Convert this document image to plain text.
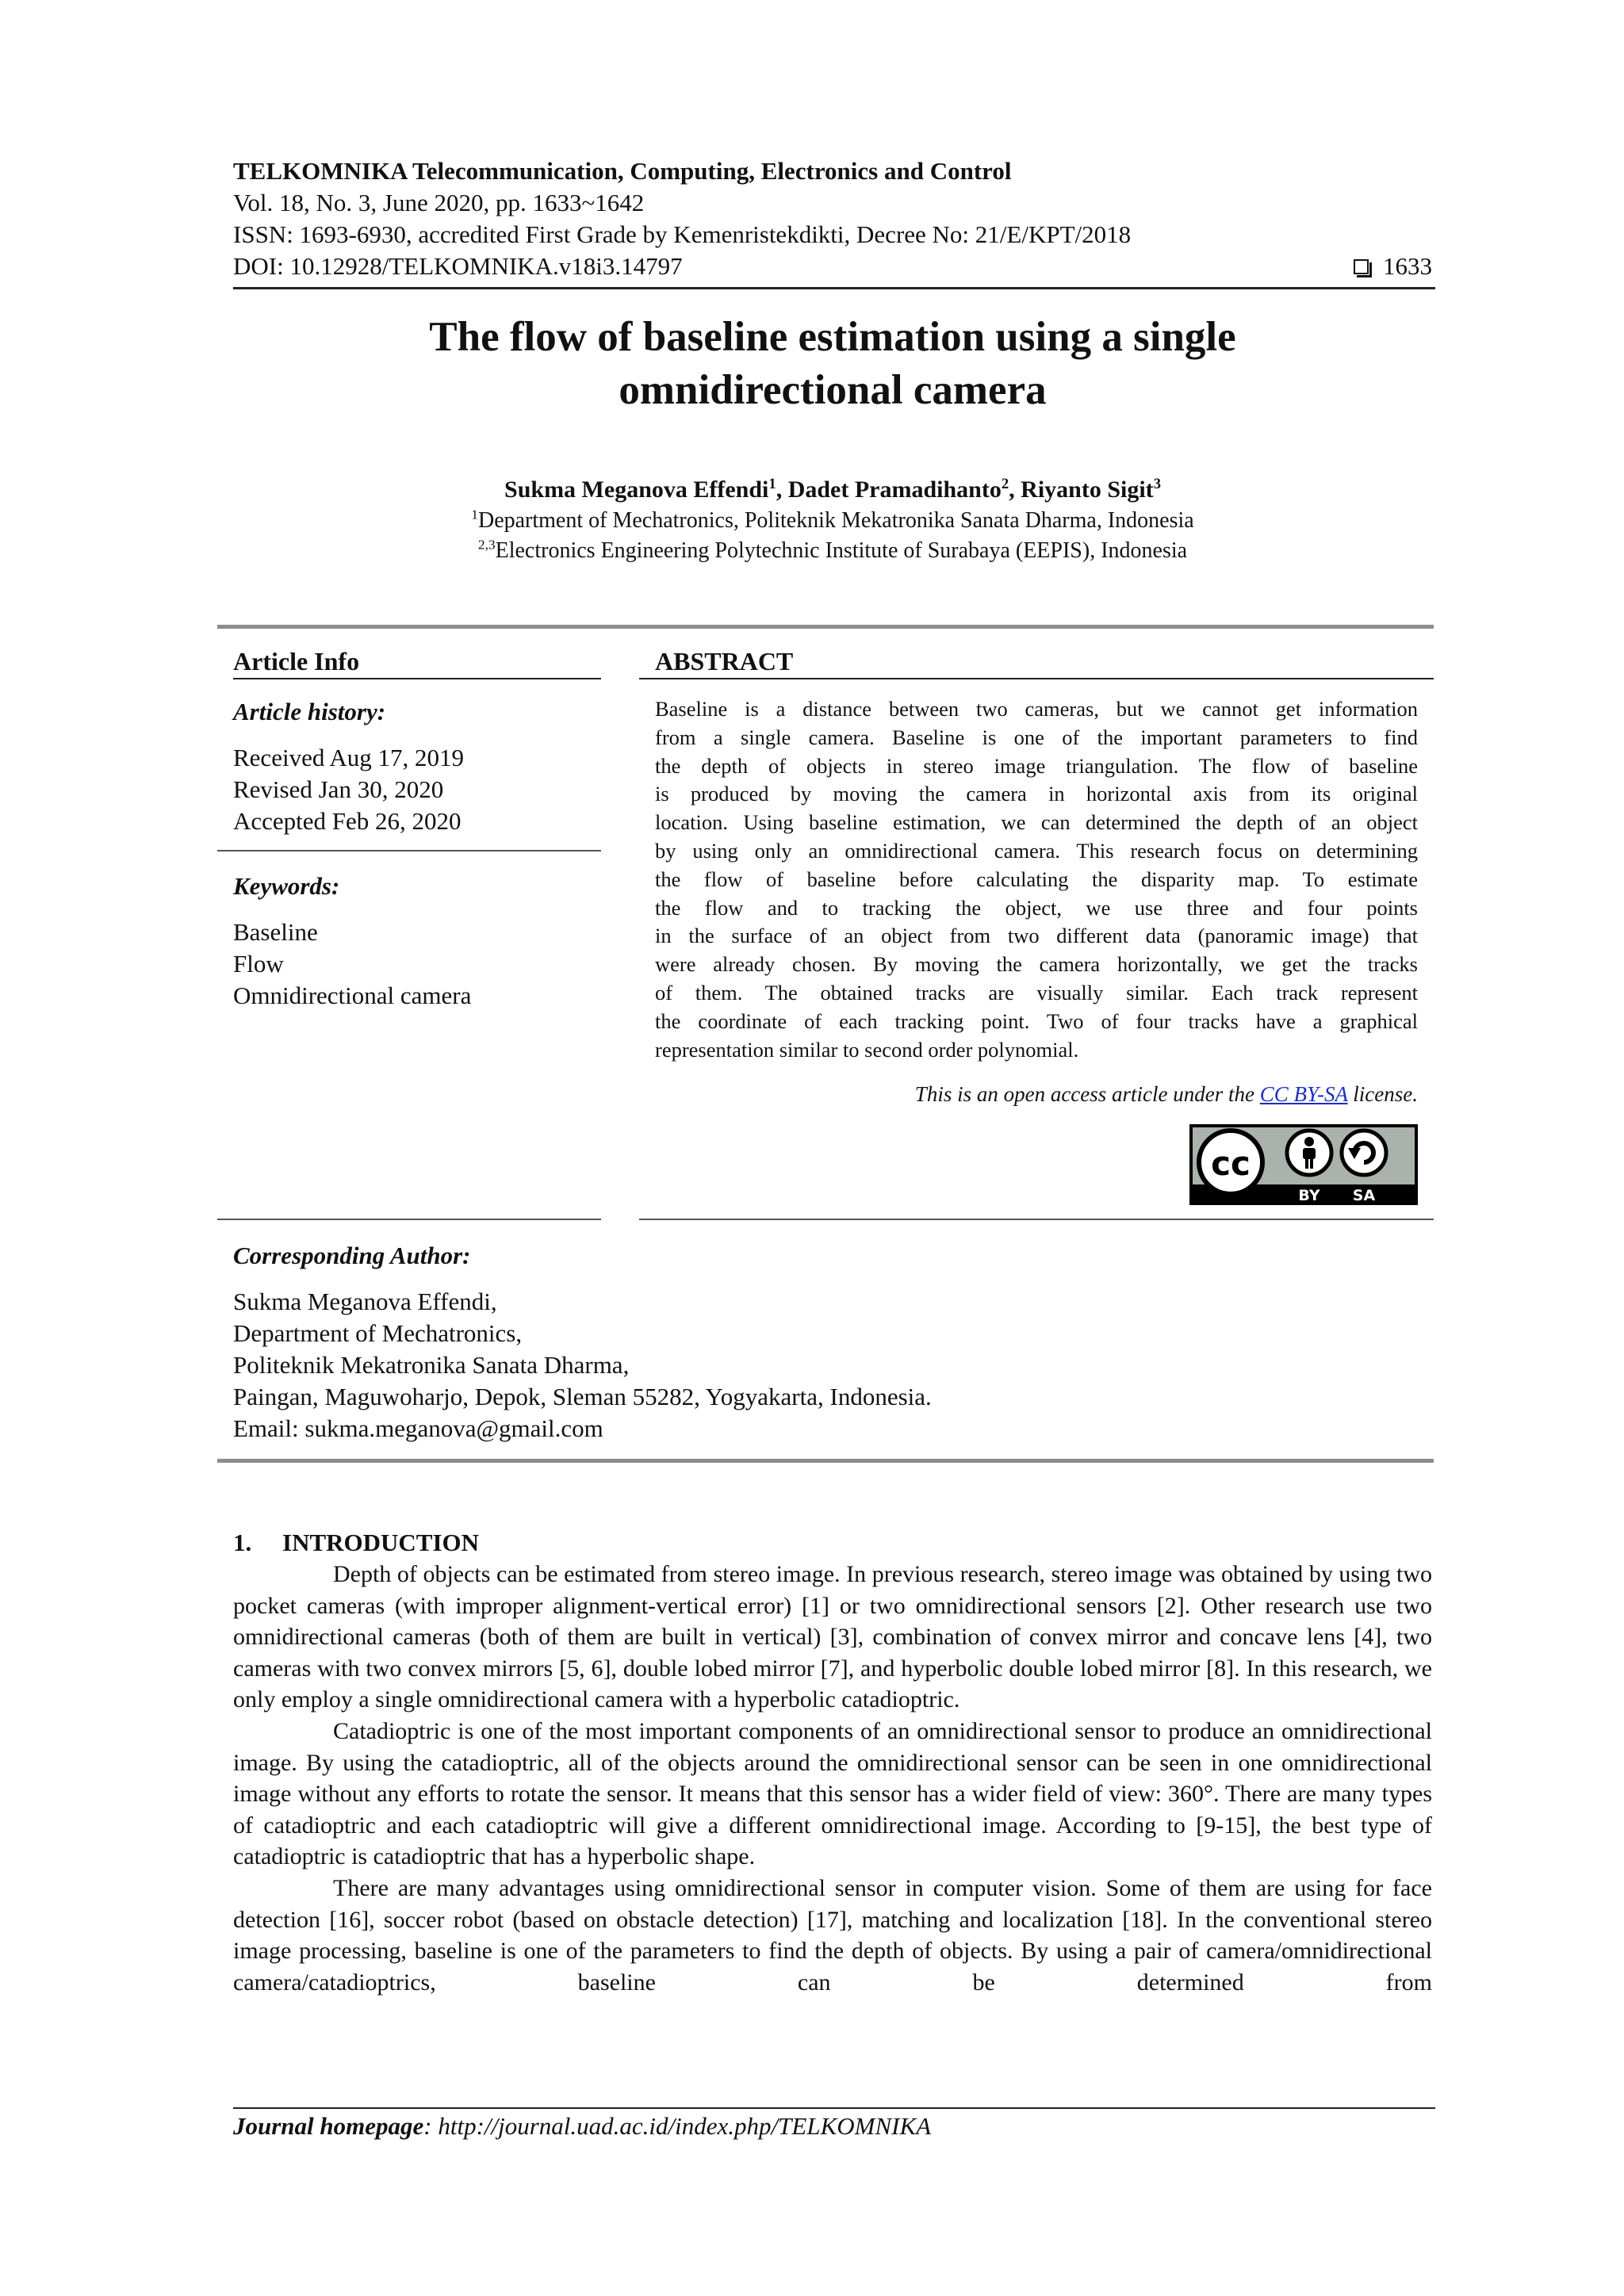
TELKOMNIKA Telecommunication, Computing, Electronics and Control
Vol. 18, No. 3, June 2020, pp. 1633~1642
ISSN: 1693-6930, accredited First Grade by Kemenristekdikti, Decree No: 21/E/KPT/2018
DOI: 10.12928/TELKOMNIKA.v18i3.14797	1633
The flow of baseline estimation using a single
omnidirectional camera
Sukma Meganova Effendi$^1$, Dadet Pramadihanto$^2$, Riyanto Sigit$^3$
$^1$Department of Mechatronics, Politeknik Mekatronika Sanata Dharma, Indonesia
$^{2,3}$Electronics Engineering Polytechnic Institute of Surabaya (EEPIS), Indonesia
Article Info
Article history:
Received Aug 17, 2019
Revised Jan 30, 2020
Accepted Feb 26, 2020
Keywords:
Baseline
Flow
Omnidirectional camera
ABSTRACT
Baseline is a distance between two cameras, but we cannot get information
from a single camera. Baseline is one of the important parameters to find
the depth of objects in stereo image triangulation. The flow of baseline
is produced by moving the camera in horizontal axis from its original
location. Using baseline estimation, we can determined the depth of an object
by using only an omnidirectional camera. This research focus on determining
the flow of baseline before calculating the disparity map. To estimate
the flow and to tracking the object, we use three and four points
in the surface of an object from two different data (panoramic image) that
were already chosen. By moving the camera horizontally, we get the tracks
of them. The obtained tracks are visually similar. Each track represent
the coordinate of each tracking point. Two of four tracks have a graphical
representation similar to second order polynomial.
This is an open access article under the CC BY-SA license.
cc
BY SA
Corresponding Author:
Sukma Meganova Effendi,
Department of Mechatronics,
Politeknik Mekatronika Sanata Dharma,
Paingan, Maguwoharjo, Depok, Sleman 55282, Yogyakarta, Indonesia.
Email: sukma.meganova@gmail.com
1.     INTRODUCTION
Depth of objects can be estimated from stereo image. In previous research, stereo image was obtained by using two pocket cameras (with improper alignment-vertical error) [1] or two omnidirectional sensors [2]. Other research use two omnidirectional cameras (both of them are built in vertical) [3], combination of convex mirror and concave lens [4], two cameras with two convex mirrors [5, 6], double lobed mirror [7], and hyperbolic double lobed mirror [8]. In this research, we only employ a single omnidirectional camera with a hyperbolic catadioptric.
Catadioptric is one of the most important components of an omnidirectional sensor to produce an omnidirectional image. By using the catadioptric, all of the objects around the omnidirectional sensor can be seen in one omnidirectional image without any efforts to rotate the sensor. It means that this sensor has a wider field of view: 360°. There are many types of catadioptric and each catadioptric will give a different omnidirectional image. According to [9-15], the best type of catadioptric is catadioptric that has a hyperbolic shape.
There are many advantages using omnidirectional sensor in computer vision. Some of them are using for face detection [16], soccer robot (based on obstacle detection) [17], matching and localization [18]. In the conventional stereo image processing, baseline is one of the parameters to find the depth of objects. By using a pair of camera/omnidirectional camera/catadioptrics, baseline can be determined from
Journal homepage: http://journal.uad.ac.id/index.php/TELKOMNIKA
